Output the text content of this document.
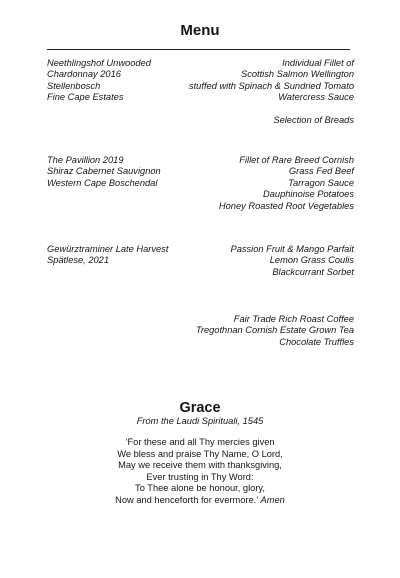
Menu
Neethlingshof Unwooded
Chardonnay 2016
Stellenbosch
Fine Cape Estates
Individual Fillet of
Scottish Salmon Wellington
stuffed with Spinach & Sundried Tomato
Watercress Sauce

Selection of Breads
The Pavillion 2019
Shiraz Cabernet Sauvignon
Western Cape Boschendal
Fillet of Rare Breed Cornish
Grass Fed Beef
Tarragon Sauce
Dauphinoise Potatoes
Honey Roasted Root Vegetables
Gewürztraminer Late Harvest
Spätlese, 2021
Passion Fruit & Mango Parfait
Lemon Grass Coulis
Blackcurrant Sorbet
Fair Trade Rich Roast Coffee
Tregothnan Cornish Estate Grown Tea
Chocolate Truffles
Grace
From the Laudi Spirituali, 1545
‘For these and all Thy mercies given
We bless and praise Thy Name, O Lord,
May we receive them with thanksgiving,
Ever trusting in Thy Word:
To Thee alone be honour, glory,
Now and henceforth for evermore.’ Amen
